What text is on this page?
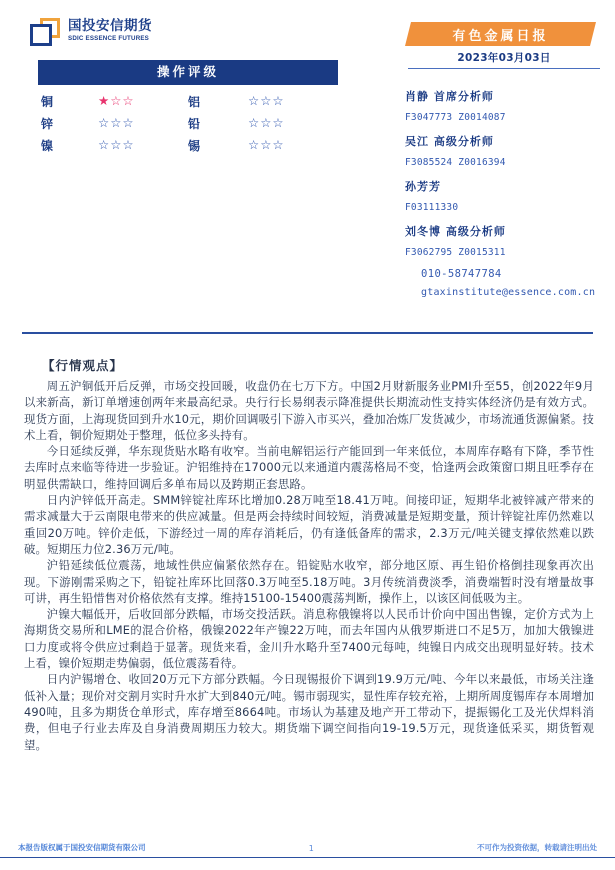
国投安信期货
SDIC ESSENCE FUTURES
操作评级
铜	★☆☆	铝	☆☆☆
锌	☆☆☆	铅	☆☆☆
镍	☆☆☆	锡	☆☆☆
有色金属日报
2023年03月03日
肖静 首席分析师
F3047773 Z0014087
吴江 高级分析师
F3085524 Z0016394
孙芳芳
F03111330
刘冬博 高级分析师
F3062795 Z0015311
010-58747784
gtaxinstitute@essence.com.cn
【行情观点】

周五沪铜低开后反弹，市场交投回暖，收盘仍在七万下方。中国2月财新服务业PMI升至55，创2022年9月以来新高，新订单增速创两年来最高纪录。央行行长易纲表示降准提供长期流动性支持实体经济仍是有效方式。现货方面，上海现货回到升水10元，期价回调吸引下游入市买兴，叠加冶炼厂发货减少，市场流通货源偏紧。技术上看，铜价短期处于整理，低位多头持有。

今日延续反弹，华东现货贴水略有收窄。当前电解铝运行产能回到一年来低位，本周库存略有下降，季节性去库时点来临等待进一步验证。沪铝维持在17000元以来通道内震荡格局不变，恰逢两会政策窗口期且旺季存在明显供需缺口，维持回调后多单布局以及跨期正套思路。

日内沪锌低开高走。SMM锌锭社库环比增加0.28万吨至18.41万吨。间接印证，短期华北被锌减产带来的需求减量大于云南限电带来的供应减量。但是两会持续时间较短，消费减量是短期变量，预计锌锭社库仍然难以重回20万吨。锌价走低，下游经过一周的库存消耗后，仍有逢低备库的需求，2.3万元/吨关键支撑依然难以跌破。短期压力位2.36万元/吨。

沪铅延续低位震荡，地域性供应偏紧依然存在。铅锭贴水收窄，部分地区原、再生铅价格倒挂现象再次出现。下游刚需采购之下，铅锭社库环比回落0.3万吨至5.18万吨。3月传统消费淡季，消费端暂时没有增量故事可讲，再生铅惜售对价格依然有支撑。维持15100-15400震荡判断，操作上，以该区间低吸为主。

沪镍大幅低开，后收回部分跌幅，市场交投活跃。消息称俄镍将以人民币计价向中国出售镍，定价方式为上海期货交易所和LME的混合价格，俄镍2022年产镍22万吨，而去年国内从俄罗斯进口不足5万，加加大俄镍进口力度或将令供应过剩趋于显著。现货来看，金川升水略升至7400元每吨，纯镍日内成交出现明显好转。技术上看，镍价短期走势偏弱，低位震荡看待。

日内沪锡增仓、收回20万元下方部分跌幅。今日现锡报价下调到19.9万元/吨、今年以来最低，市场关注逢低补入量；现价对交割月实时升水扩大到840元/吨。锡市弱现实，显性库存较充裕，上期所周度锡库存本周增加490吨，且多为期货仓单形式，库存增至8664吨。市场认为基建及地产开工带动下，提振锡化工及光伏焊料消费，但电子行业去库及自身消费周期压力较大。期货端下调空间指向19-19.5万元，现货逢低采买，期货暂观望。

本报告版权属于国投安信期货有限公司	1	不可作为投资依据，转载请注明出处
